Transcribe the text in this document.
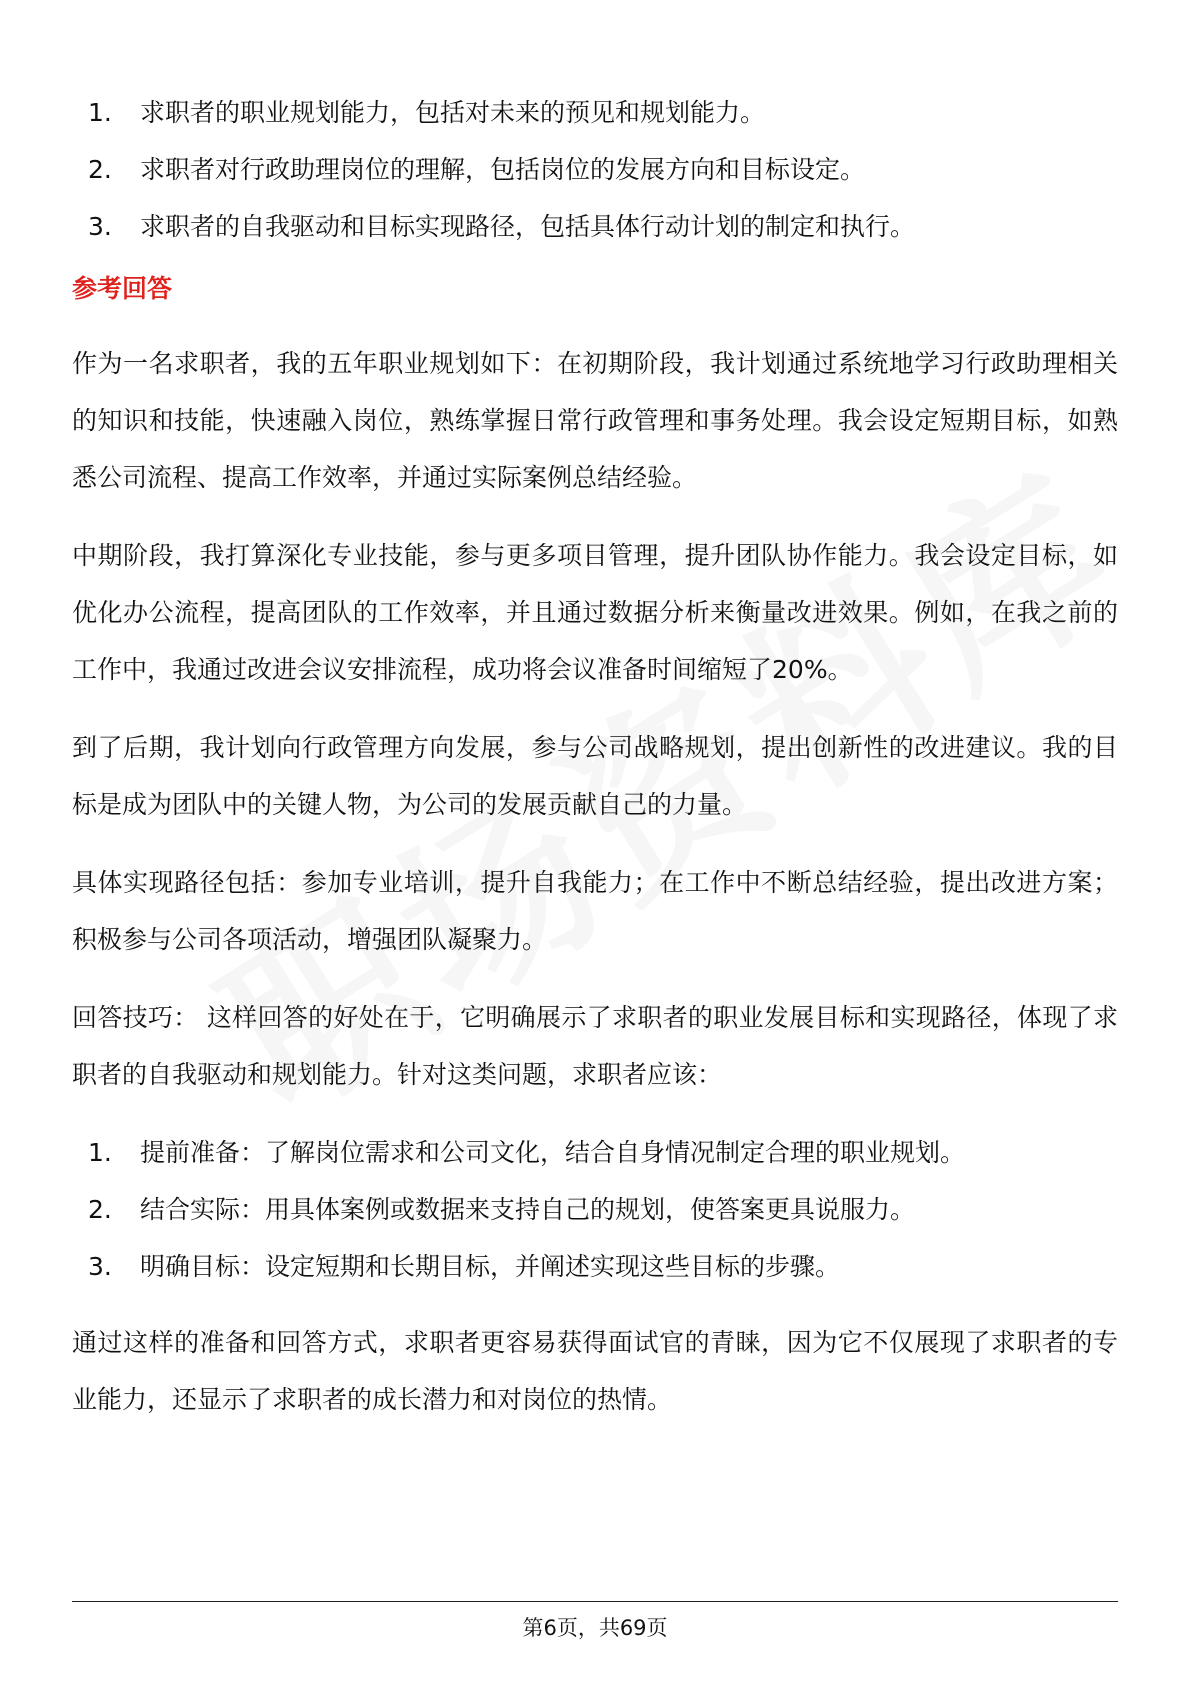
1.	求职者的职业规划能力，包括对未来的预见和规划能力。
2.	求职者对行政助理岗位的理解，包括岗位的发展方向和目标设定。
3.	求职者的自我驱动和目标实现路径，包括具体行动计划的制定和执行。
参考回答

作为一名求职者，我的五年职业规划如下：在初期阶段，我计划通过系统地学习行政助理相关的知识和技能，快速融入岗位，熟练掌握日常行政管理和事务处理。我会设定短期目标，如熟悉公司流程、提高工作效率，并通过实际案例总结经验。

中期阶段，我打算深化专业技能，参与更多项目管理，提升团队协作能力。我会设定目标，如优化办公流程，提高团队的工作效率，并且通过数据分析来衡量改进效果。例如，在我之前的工作中，我通过改进会议安排流程，成功将会议准备时间缩短了20%。

到了后期，我计划向行政管理方向发展，参与公司战略规划，提出创新性的改进建议。我的目标是成为团队中的关键人物，为公司的发展贡献自己的力量。

具体实现路径包括：参加专业培训，提升自我能力；在工作中不断总结经验，提出改进方案；积极参与公司各项活动，增强团队凝聚力。

回答技巧： 这样回答的好处在于，它明确展示了求职者的职业发展目标和实现路径，体现了求职者的自我驱动和规划能力。针对这类问题，求职者应该：

1.	提前准备：了解岗位需求和公司文化，结合自身情况制定合理的职业规划。
2.	结合实际：用具体案例或数据来支持自己的规划，使答案更具说服力。
3.	明确目标：设定短期和长期目标，并阐述实现这些目标的步骤。

通过这样的准备和回答方式，求职者更容易获得面试官的青睐，因为它不仅展现了求职者的专业能力，还显示了求职者的成长潜力和对岗位的热情。

第6页，共69页
